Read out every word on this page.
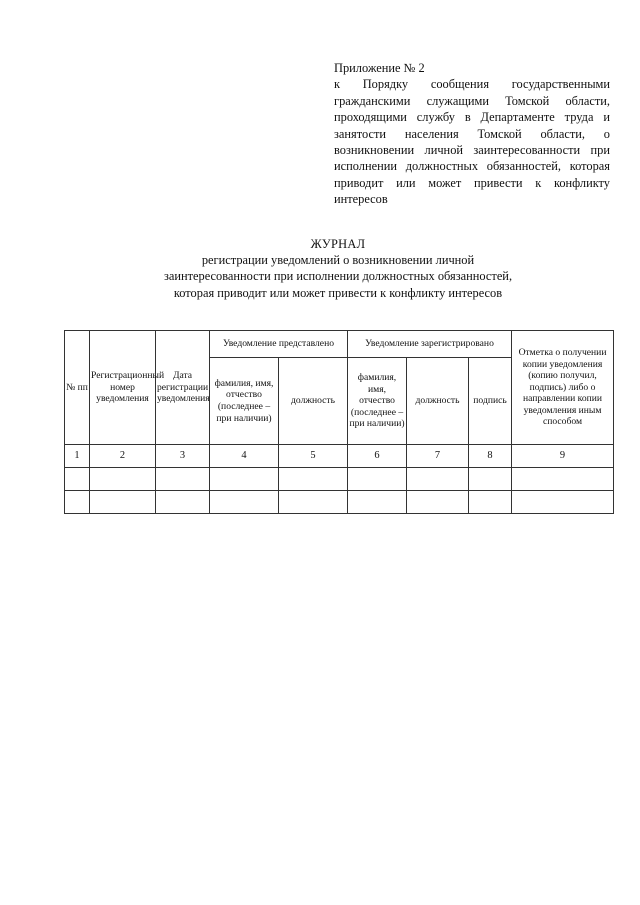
Приложение № 2
к Порядку сообщения государственными гражданскими служащими Томской области, проходящими службу в Департаменте труда и занятости населения Томской области, о возникновении личной заинтересованности при исполнении должностных обязанностей, которая приводит или может привести к конфликту интересов
ЖУРНАЛ
регистрации уведомлений о возникновении личной
заинтересованности при исполнении должностных обязанностей,
которая приводит или может привести к конфликту интересов
№ пп	Регистрационный номер уведомления	Дата регистрации уведомления	Уведомление представлено		Уведомление зарегистрировано			Отметка о получении копии уведомления (копию получил, подпись) либо о направлении копии уведомления иным способом
			фамилия, имя, отчество (последнее – при наличии)	должность	фамилия, имя, отчество (последнее – при наличии)	должность	подпись	
1	2	3	4	5	6	7	8	9
